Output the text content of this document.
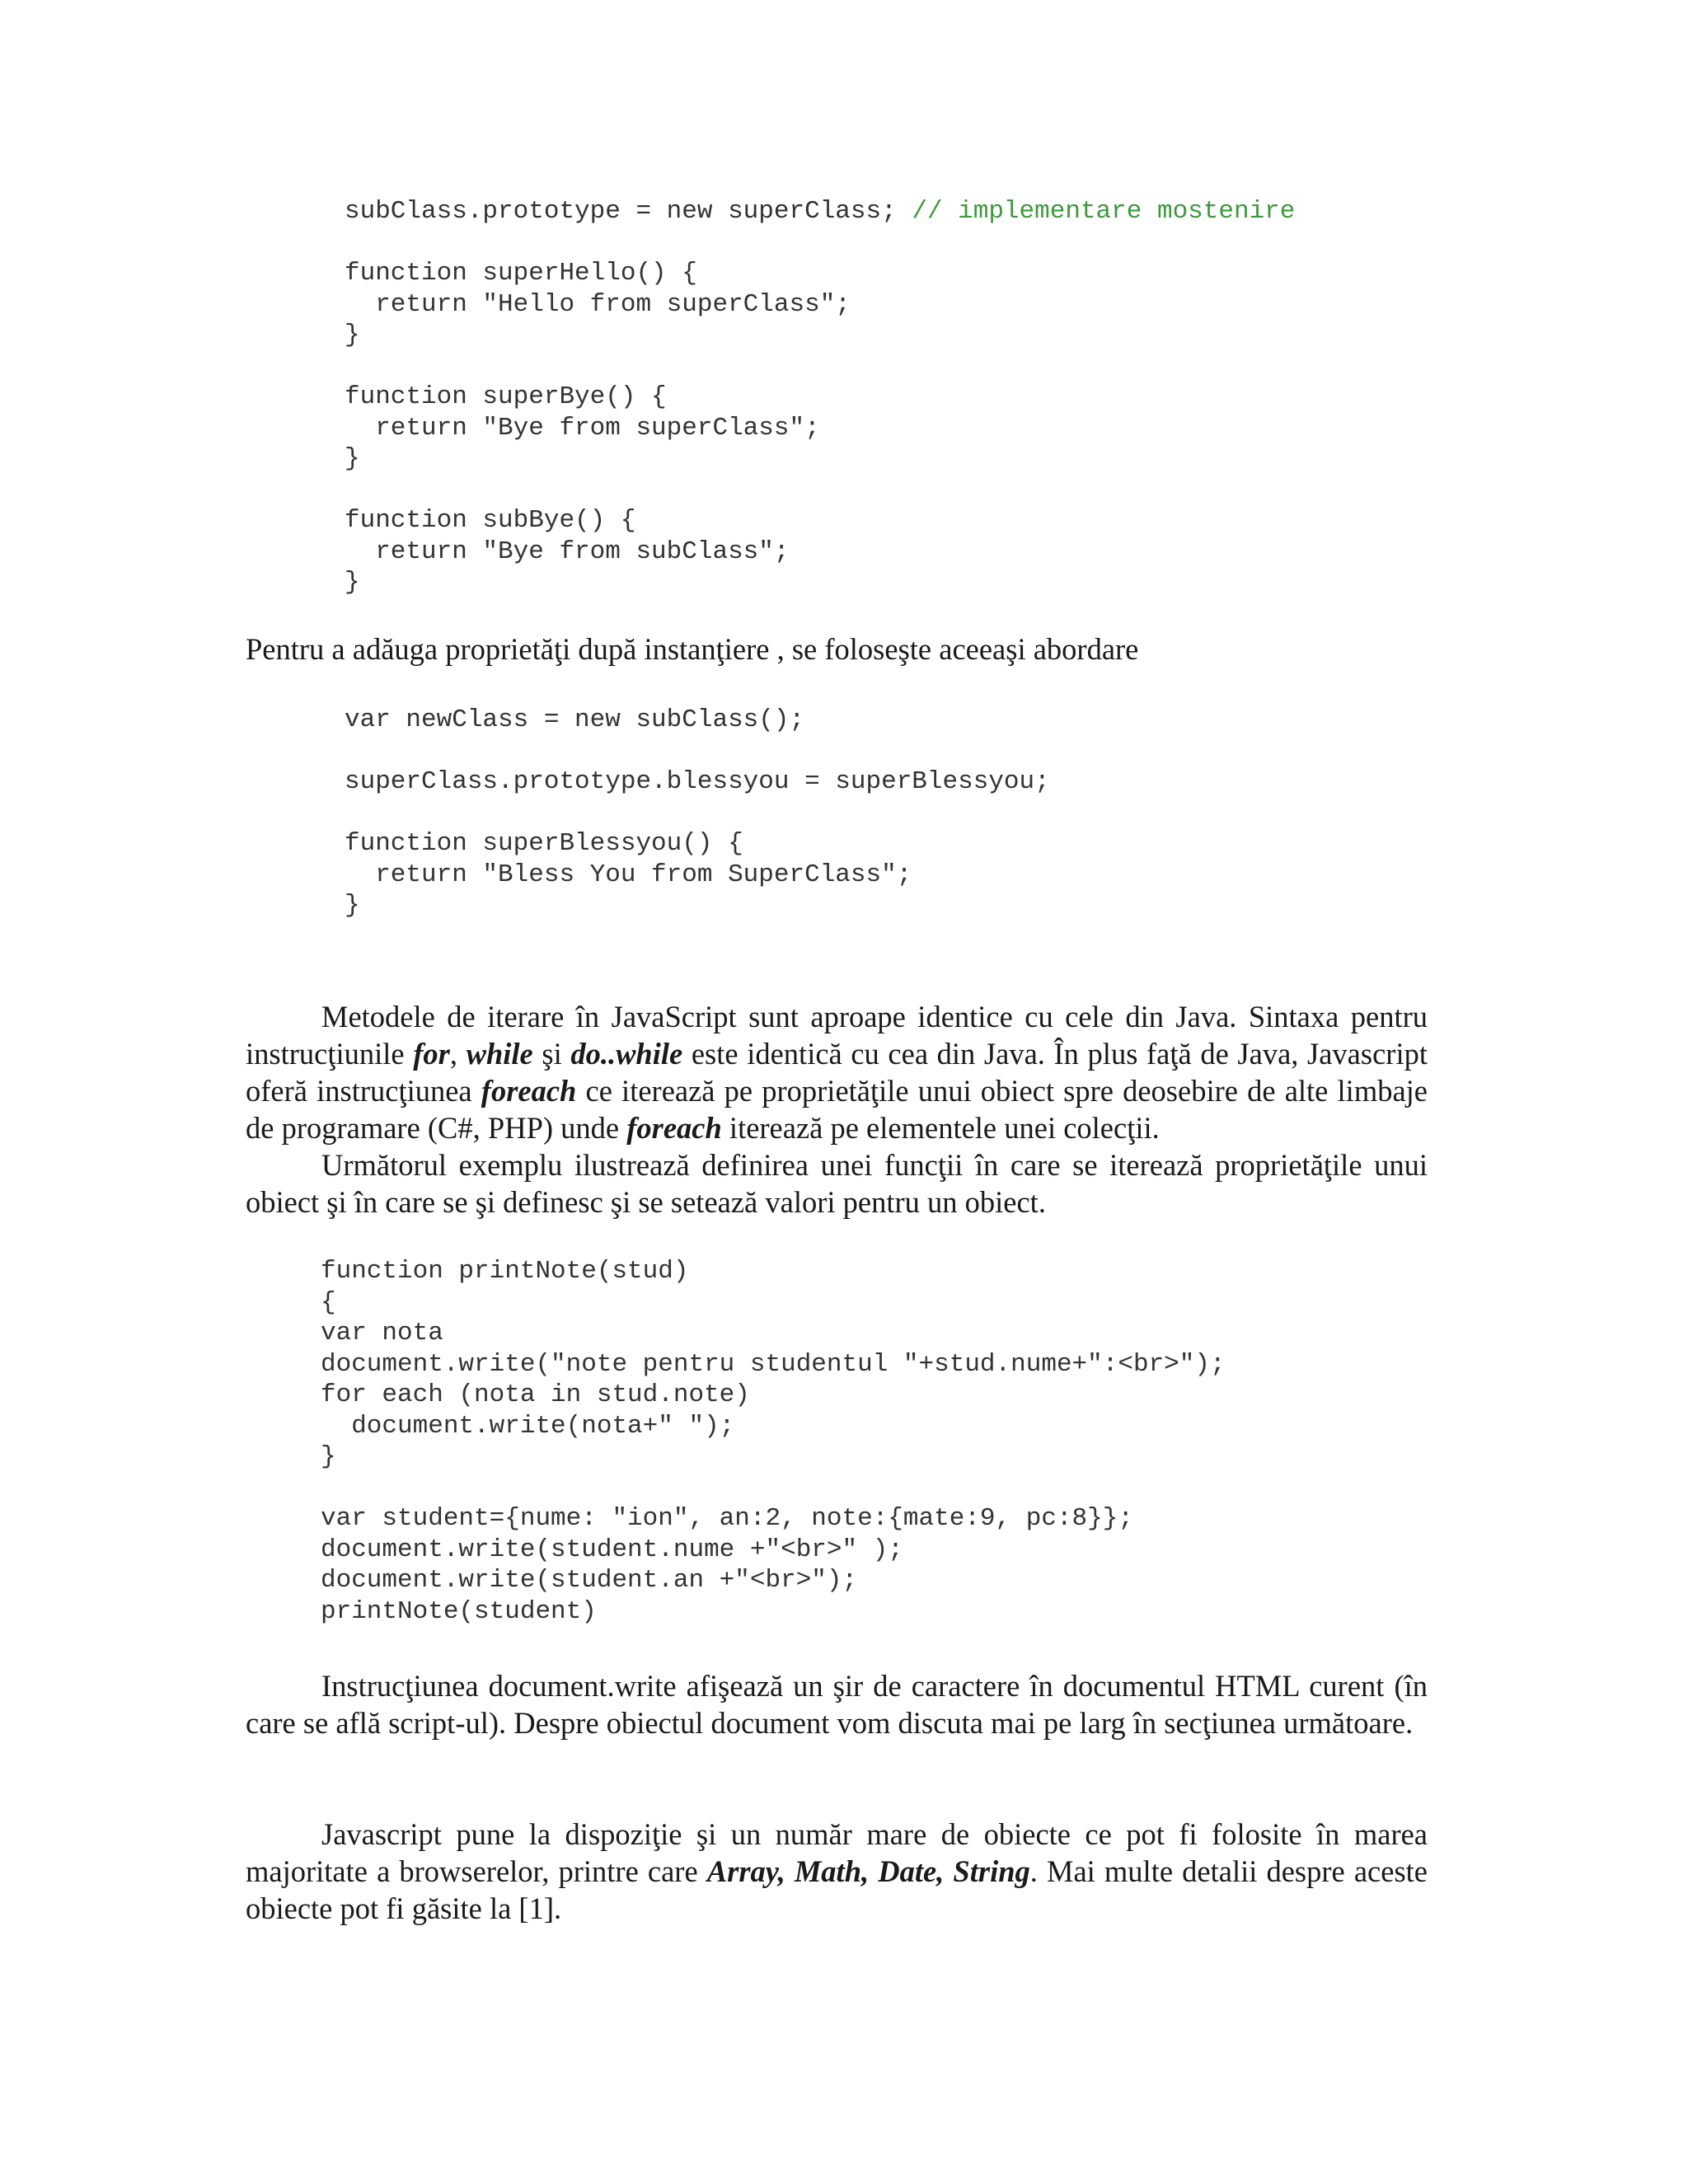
subClass.prototype = new superClass; // implementare mostenire
function superHello() {
return "Hello from superClass";
}
function superBye() {
return "Bye from superClass";
}
function subBye() {
return "Bye from subClass";
}

Pentru a adăuga proprietăţi după instanţiere , se foloseşte aceeaşi abordare

var newClass = new subClass();
superClass.prototype.blessyou = superBlessyou;
function superBlessyou() {
return "Bless You from SuperClass";
}

Metodele de iterare în JavaScript sunt aproape identice cu cele din Java. Sintaxa pentru instrucţiunile for, while şi do..while este identică cu cea din Java. În plus faţă de Java, Javascript oferă instrucţiunea foreach ce iterează pe proprietăţile unui obiect spre deosebire de alte limbaje de programare (C#, PHP) unde foreach iterează pe elementele unei colecţii.

Următorul exemplu ilustrează definirea unei funcţii în care se iterează proprietăţile unui obiect şi în care se şi definesc şi se setează valori pentru un obiect.

function printNote(stud)
{
var nota
document.write("note pentru studentul "+stud.nume+":<br>");
for each (nota in stud.note)
document.write(nota+" ");
}
var student={nume: "ion", an:2, note:{mate:9, pc:8}};
document.write(student.nume +"<br>" );
document.write(student.an +"<br>");
printNote(student)

Instrucţiunea document.write afişează un şir de caractere în documentul HTML curent (în care se află script-ul). Despre obiectul document vom discuta mai pe larg în secţiunea următoare.

Javascript pune la dispoziţie şi un număr mare de obiecte ce pot fi folosite în marea majoritate a browserelor, printre care Array, Math, Date, String. Mai multe detalii despre aceste obiecte pot fi găsite la [1].
